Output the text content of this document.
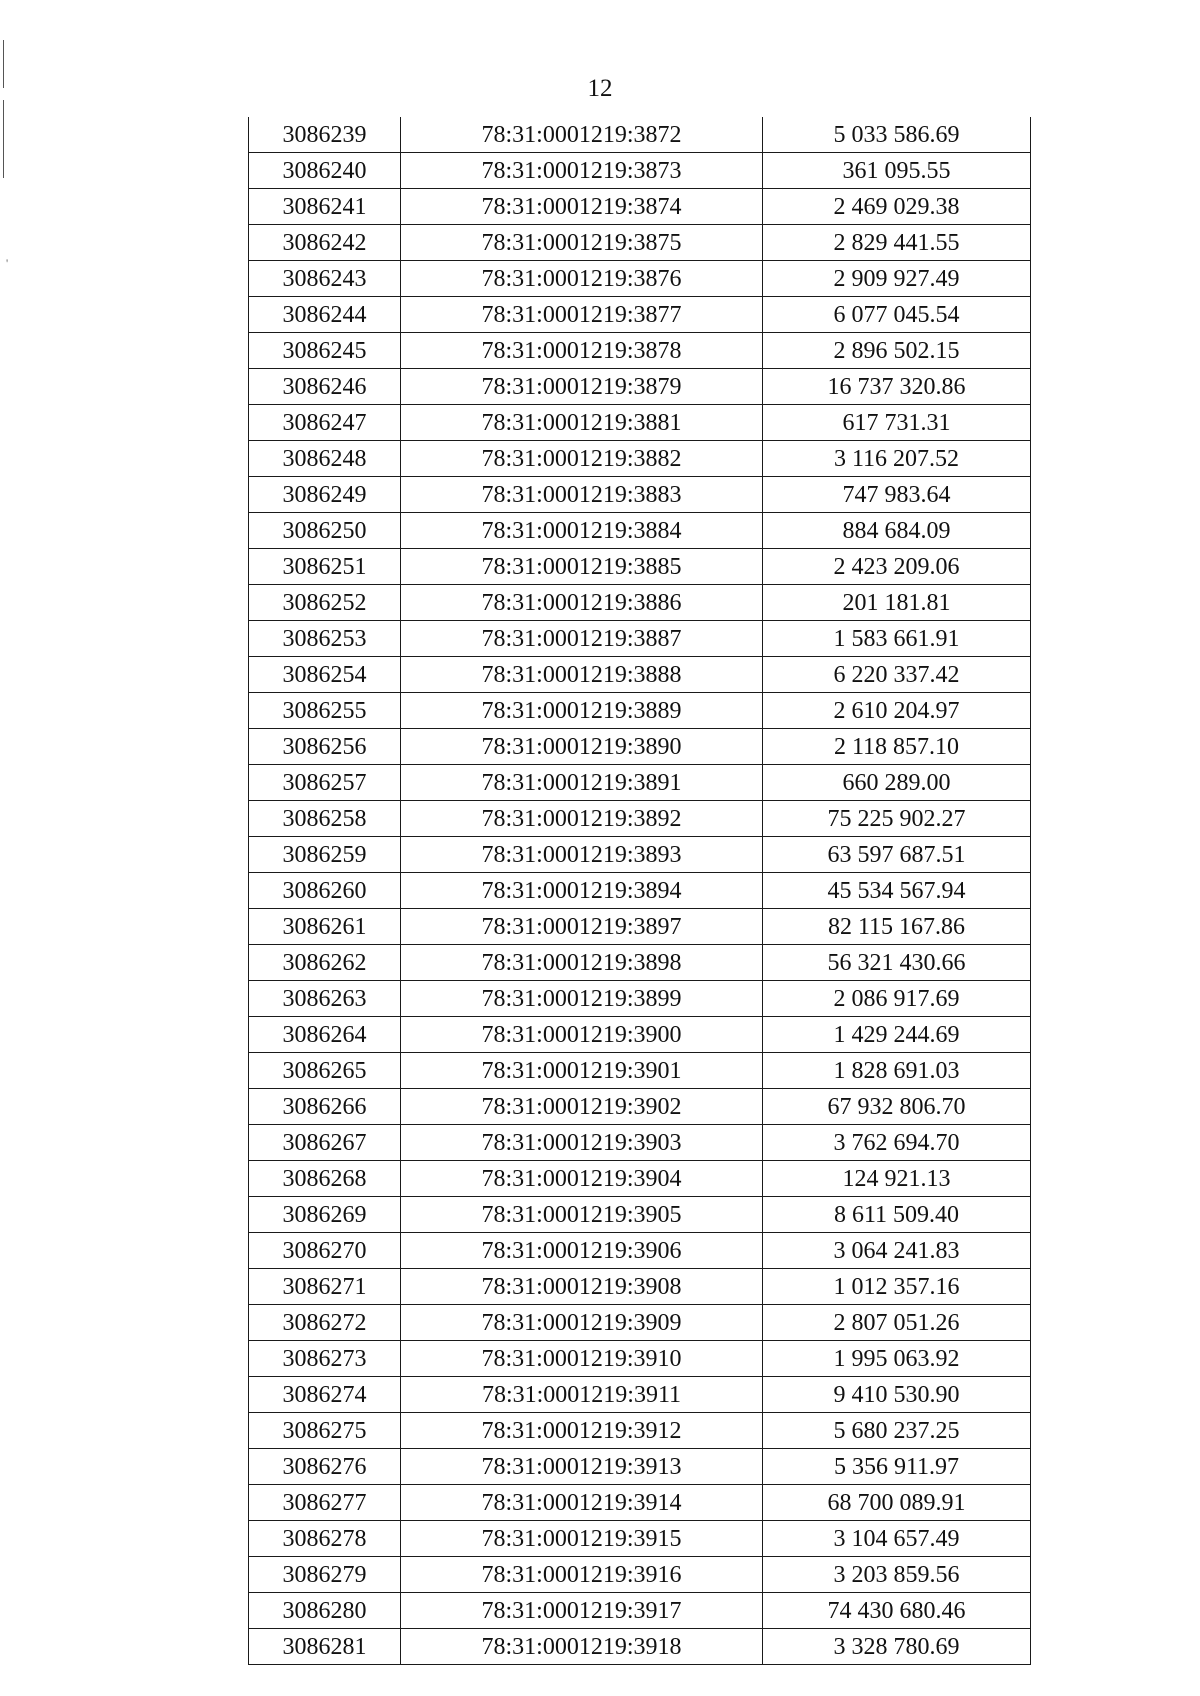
'
12
3086239	78:31:0001219:3872	5 033 586.69
3086240	78:31:0001219:3873	361 095.55
3086241	78:31:0001219:3874	2 469 029.38
3086242	78:31:0001219:3875	2 829 441.55
3086243	78:31:0001219:3876	2 909 927.49
3086244	78:31:0001219:3877	6 077 045.54
3086245	78:31:0001219:3878	2 896 502.15
3086246	78:31:0001219:3879	16 737 320.86
3086247	78:31:0001219:3881	617 731.31
3086248	78:31:0001219:3882	3 116 207.52
3086249	78:31:0001219:3883	747 983.64
3086250	78:31:0001219:3884	884 684.09
3086251	78:31:0001219:3885	2 423 209.06
3086252	78:31:0001219:3886	201 181.81
3086253	78:31:0001219:3887	1 583 661.91
3086254	78:31:0001219:3888	6 220 337.42
3086255	78:31:0001219:3889	2 610 204.97
3086256	78:31:0001219:3890	2 118 857.10
3086257	78:31:0001219:3891	660 289.00
3086258	78:31:0001219:3892	75 225 902.27
3086259	78:31:0001219:3893	63 597 687.51
3086260	78:31:0001219:3894	45 534 567.94
3086261	78:31:0001219:3897	82 115 167.86
3086262	78:31:0001219:3898	56 321 430.66
3086263	78:31:0001219:3899	2 086 917.69
3086264	78:31:0001219:3900	1 429 244.69
3086265	78:31:0001219:3901	1 828 691.03
3086266	78:31:0001219:3902	67 932 806.70
3086267	78:31:0001219:3903	3 762 694.70
3086268	78:31:0001219:3904	124 921.13
3086269	78:31:0001219:3905	8 611 509.40
3086270	78:31:0001219:3906	3 064 241.83
3086271	78:31:0001219:3908	1 012 357.16
3086272	78:31:0001219:3909	2 807 051.26
3086273	78:31:0001219:3910	1 995 063.92
3086274	78:31:0001219:3911	9 410 530.90
3086275	78:31:0001219:3912	5 680 237.25
3086276	78:31:0001219:3913	5 356 911.97
3086277	78:31:0001219:3914	68 700 089.91
3086278	78:31:0001219:3915	3 104 657.49
3086279	78:31:0001219:3916	3 203 859.56
3086280	78:31:0001219:3917	74 430 680.46
3086281	78:31:0001219:3918	3 328 780.69
